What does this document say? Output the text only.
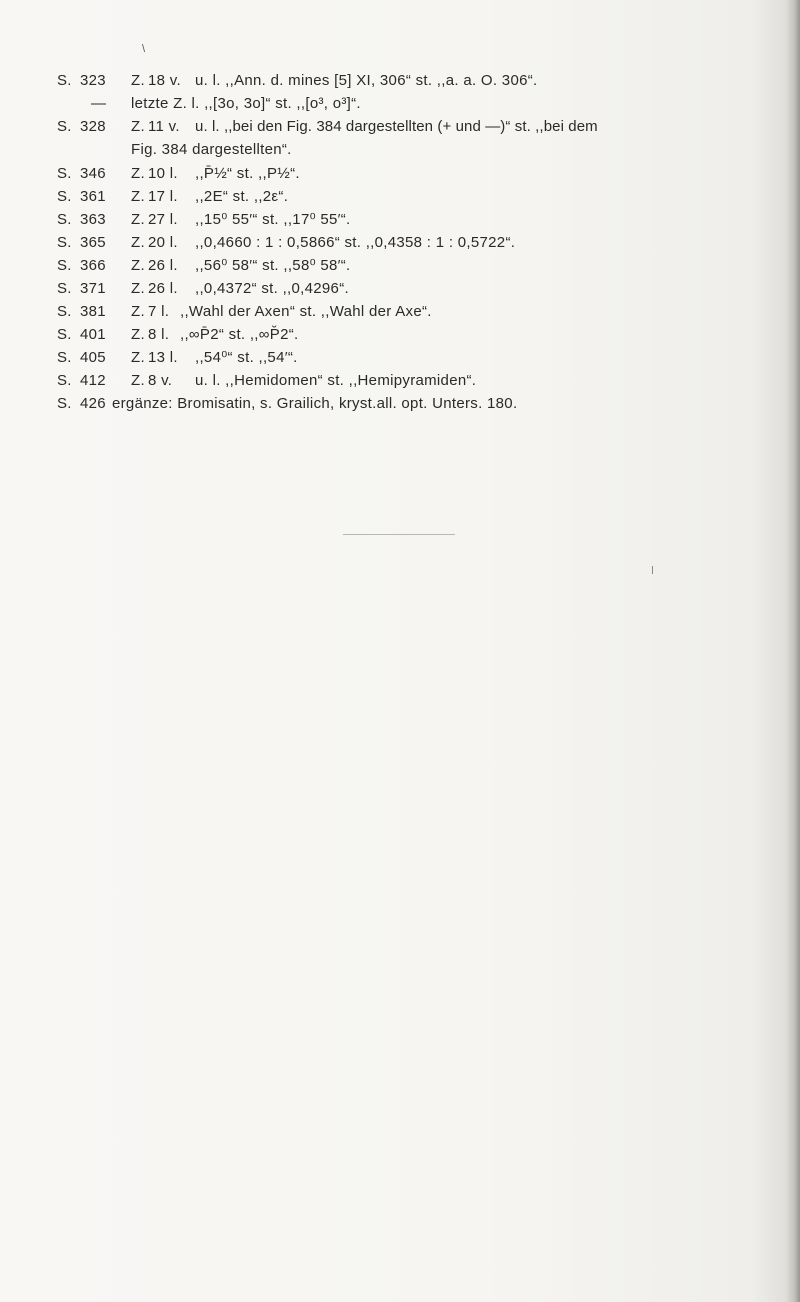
\
S. 323 Z. 18 v. u. l. ,,Ann. d. mines [5] XI, 306“ st. ,,a. a. O. 306“.
— letzte Z. l. ,,[3o, 3o]“ st. ,,[o³, o³]“.
S. 328 Z. 11 v. u. l. ,,bei den Fig. 384 dargestellten (+ und —)“ st. ,,bei dem
Fig. 384 dargestellten“.
S. 346 Z. 10 l. ,,P̄½“ st. ,,P½“.
S. 361 Z. 17 l. ,,2E“ st. ,,2ε“.
S. 363 Z. 27 l. ,,15⁰ 55′“ st. ,,17⁰ 55′“.
S. 365 Z. 20 l. ,,0,4660 : 1 : 0,5866“ st. ,,0,4358 : 1 : 0,5722“.
S. 366 Z. 26 l. ,,56⁰ 58′“ st. ,,58⁰ 58′“.
S. 371 Z. 26 l. ,,0,4372“ st. ,,0,4296“.
S. 381 Z. 7 l. ,,Wahl der Axen“ st. ,,Wahl der Axe“.
S. 401 Z. 8 l. ,,∞P̄2“ st. ,,∞P̆2“.
S. 405 Z. 13 l. ,,54⁰“ st. ,,54′“.
S. 412 Z. 8 v. u. l. ,,Hemidomen“ st. ,,Hemipyramiden“.
S. 426 ergänze: Bromisatin, s. Grailich, kryst.all. opt. Unters. 180.
